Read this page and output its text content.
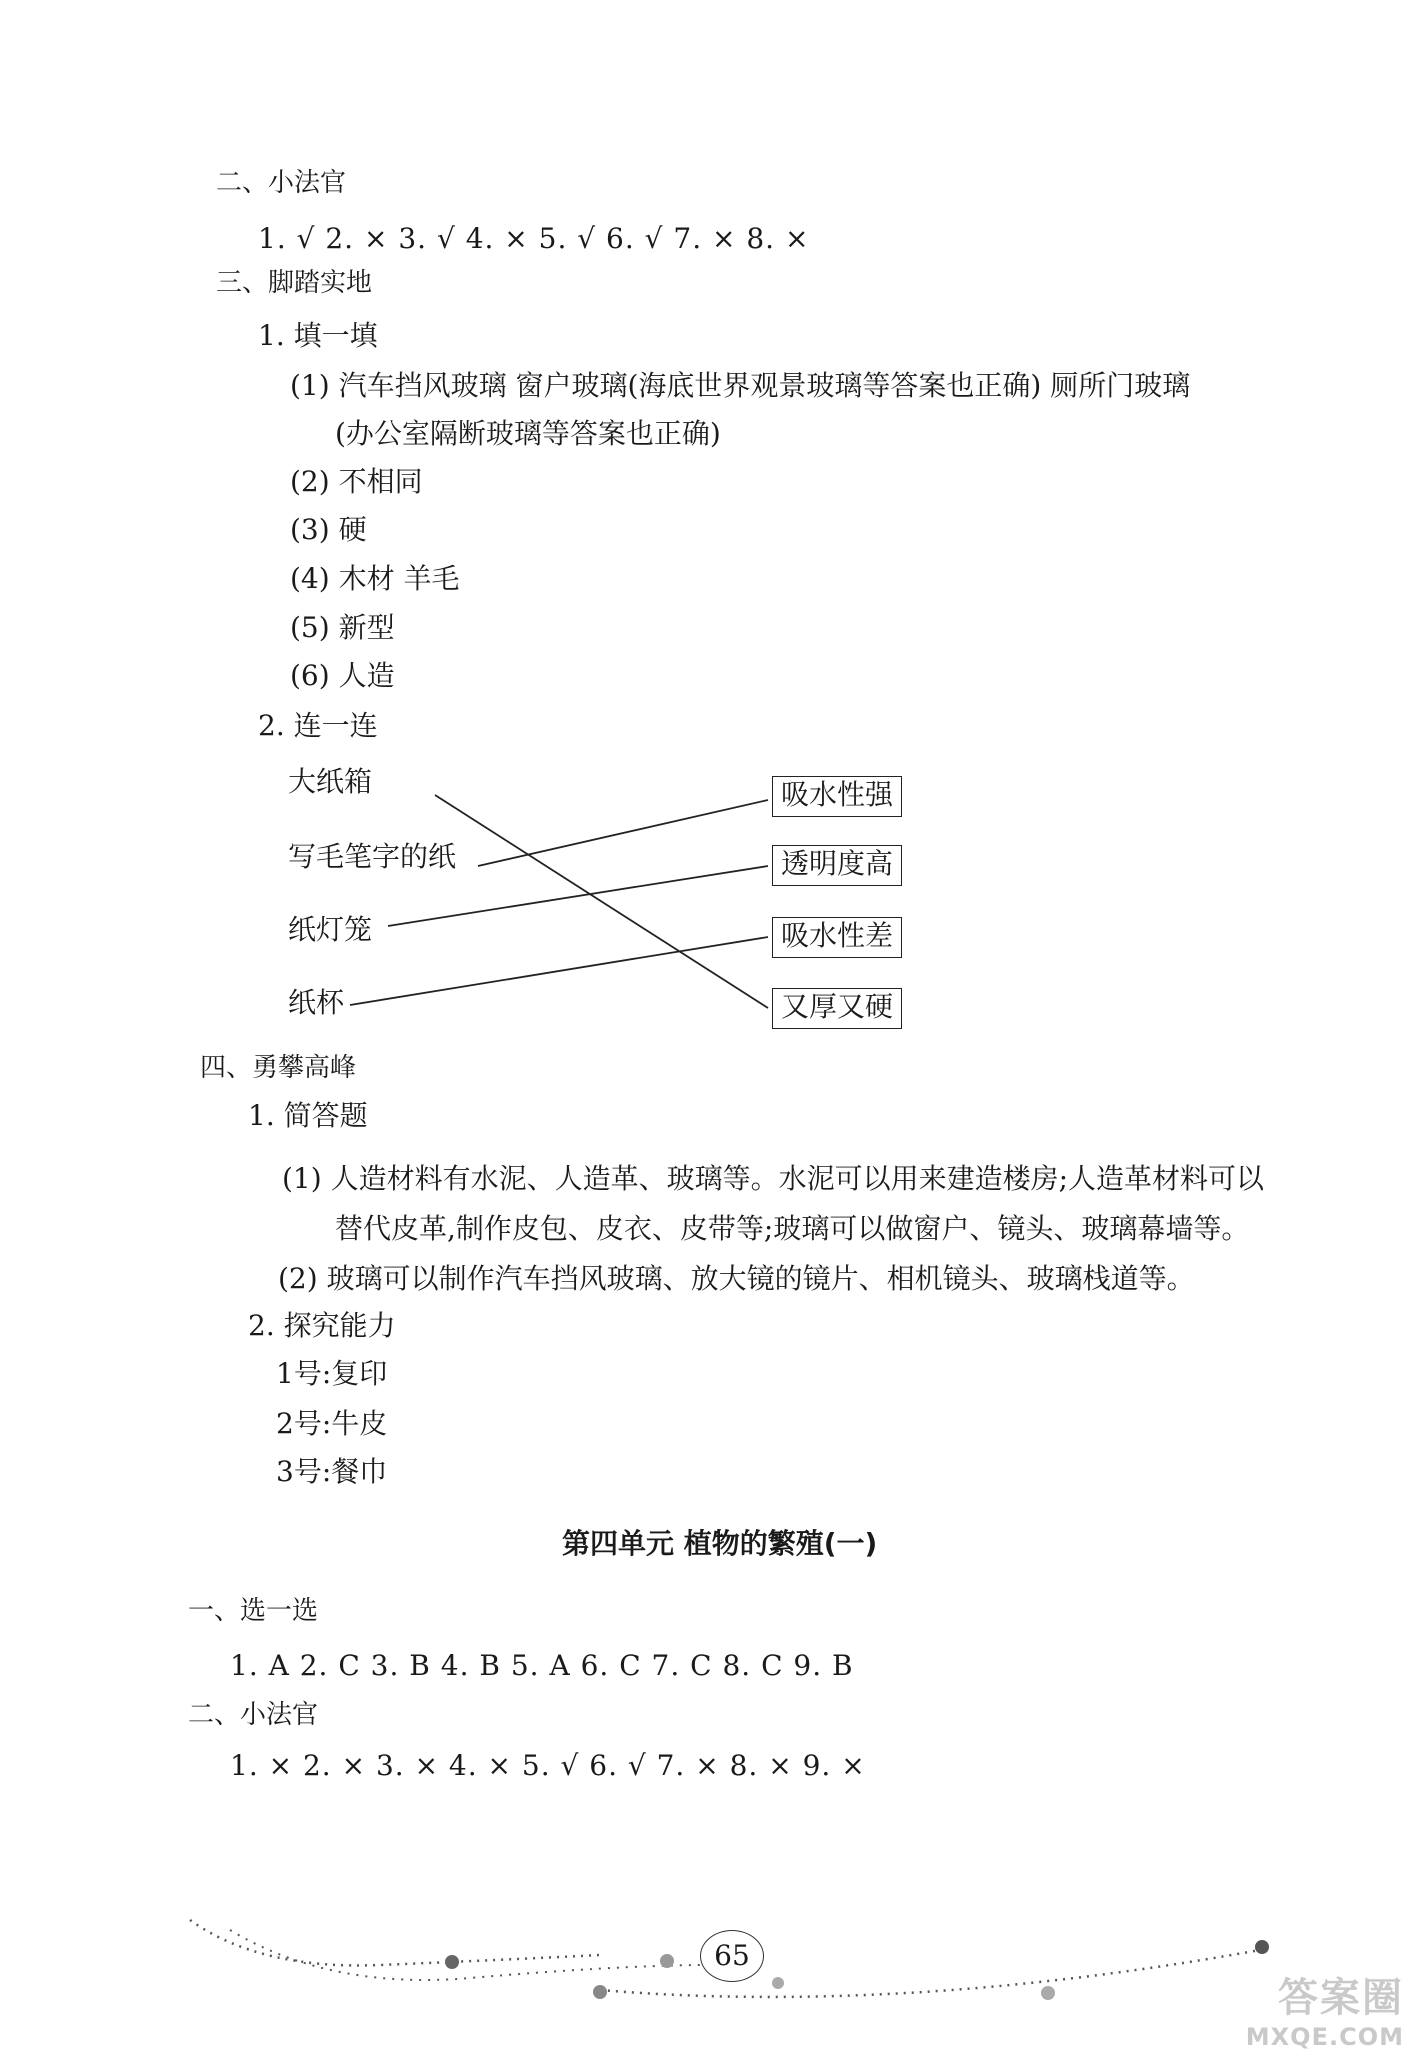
二、小法官
1. √ 2. × 3. √ 4. × 5. √ 6. √ 7. × 8. ×
三、脚踏实地
1. 填一填
(1) 汽车挡风玻璃 窗户玻璃(海底世界观景玻璃等答案也正确) 厕所门玻璃
(办公室隔断玻璃等答案也正确)
(2) 不相同
(3) 硬
(4) 木材 羊毛
(5) 新型
(6) 人造
2. 连一连
大纸箱
写毛笔字的纸
纸灯笼
纸杯
吸水性强
透明度高
吸水性差
又厚又硬
四、勇攀高峰
1. 简答题
(1) 人造材料有水泥、人造革、玻璃等。水泥可以用来建造楼房;人造革材料可以
替代皮革,制作皮包、皮衣、皮带等;玻璃可以做窗户、镜头、玻璃幕墙等。
(2) 玻璃可以制作汽车挡风玻璃、放大镜的镜片、相机镜头、玻璃栈道等。
2. 探究能力
1号:复印
2号:牛皮
3号:餐巾
第四单元 植物的繁殖(一)
一、选一选
1. A 2. C 3. B 4. B 5. A 6. C 7. C 8. C 9. B
二、小法官
1. × 2. × 3. × 4. × 5. √ 6. √ 7. × 8. × 9. ×
65
答案圈
MXQE.COM
